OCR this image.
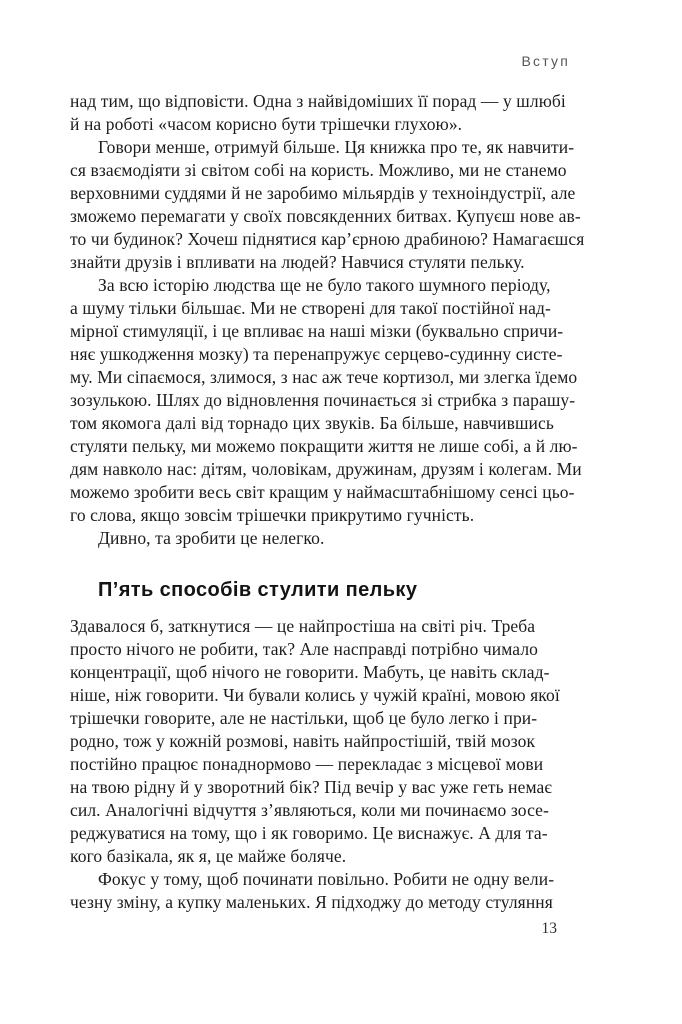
Вступ

над тим, що відповісти. Одна з найвідоміших її порад — у шлюбі
й на роботі «часом корисно бути трішечки глухою».

Говори менше, отримуй більше. Ця книжка про те, як навчити-
ся взаємодіяти зі світом собі на користь. Можливо, ми не станемо
верховними суддями й не заробимо мільярдів у техноіндустрії, але
зможемо перемагати у своїх повсякденних битвах. Купуєш нове ав-
то чи будинок? Хочеш піднятися кар’єрною драбиною? Намагаєшся
знайти друзів і впливати на людей? Навчися стуляти пельку.

За всю історію людства ще не було такого шумного періоду,
а шуму тільки більшає. Ми не створені для такої постійної над-
мірної стимуляції, і це впливає на наші мізки (буквально спричи-
няє ушкодження мозку) та перенапружує серцево-судинну систе-
му. Ми сіпаємося, злимося, з нас аж тече кортизол, ми злегка їдемо
зозулькою. Шлях до відновлення починається зі стрибка з парашу-
том якомога далі від торнадо цих звуків. Ба більше, навчившись
стуляти пельку, ми можемо покращити життя не лише собі, а й лю-
дям навколо нас: дітям, чоловікам, дружинам, друзям і колегам. Ми
можемо зробити весь світ кращим у наймасштабнішому сенсі цьо-
го слова, якщо зовсім трішечки прикрутимо гучність.

Дивно, та зробити це нелегко.

П’ять способів стулити пельку

Здавалося б, заткнутися — це найпростіша на світі річ. Треба
просто нічого не робити, так? Але насправді потрібно чимало
концентрації, щоб нічого не говорити. Мабуть, це навіть склад-
ніше, ніж говорити. Чи бували колись у чужій країні, мовою якої
трішечки говорите, але не настільки, щоб це було легко і при-
родно, тож у кожній розмові, навіть найпростішій, твій мозок
постійно працює понаднормово — перекладає з місцевої мови
на твою рідну й у зворотний бік? Під вечір у вас уже геть немає
сил. Аналогічні відчуття з’являються, коли ми починаємо зосе-
реджуватися на тому, що і як говоримо. Це виснажує. А для та-
кого базікала, як я, це майже боляче.

Фокус у тому, щоб починати повільно. Робити не одну вели-
чезну зміну, а купку маленьких. Я підходжу до методу стуляння

13
